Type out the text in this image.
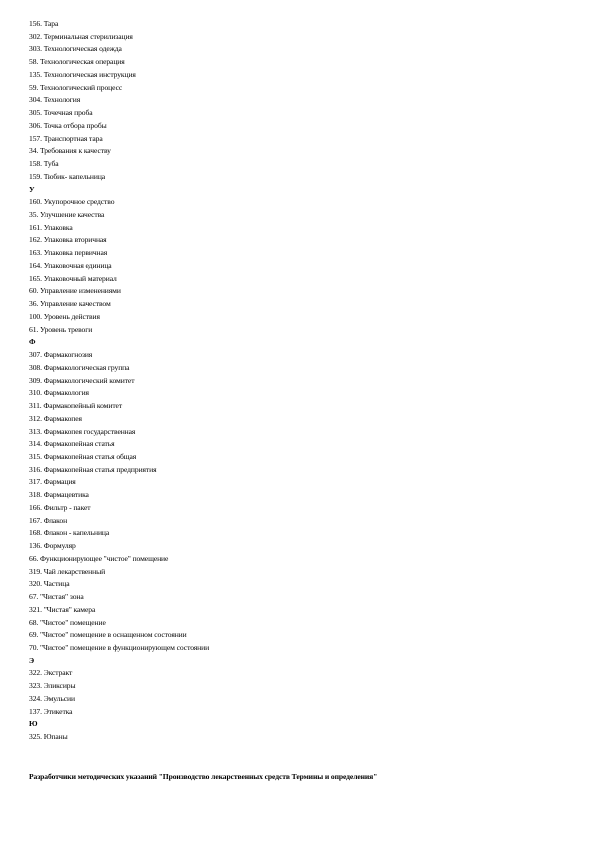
156. Тара
302. Терминальная стерилизация
303. Технологическая одежда
58. Технологическая операция
135. Технологическая инструкция
59. Технологический процесс
304. Технология
305. Точечная проба
306. Точка отбора пробы
157. Транспортная тара
34. Требования к качеству
158. Туба
159. Тюбик- капельница
У
160. Укупорочное средство
35. Улучшение качества
161. Упаковка
162. Упаковка вторичная
163. Упаковка первичная
164. Упаковочная единица
165. Упаковочный материал
60. Управление изменениями
36. Управление качеством
100. Уровень действия
61. Уровень тревоги
Ф
307. Фармакогнозия
308. Фармакологическая группа
309. Фармакологический комитет
310. Фармакология
311. Фармакопейный комитет
312. Фармакопея
313. Фармакопея государственная
314. Фармакопейная статья
315. Фармакопейная статья общая
316. Фармакопейная статья предприятия
317. Фармация
318. Фармацевтика
166. Фильтр - пакет
167. Флакон
168. Флакон - капельница
136. Формуляр
66. Функционирующее "чистое" помещение
319. Чай лекарственный
320. Частица
67. "Чистая" зона
321. "Чистая" камера
68. "Чистое" помещение
69. "Чистое" помещение в оснащенном состоянии
70. "Чистое" помещение в функционирующем состоянии
Э
322. Экстракт
323. Эликсиры
324. Эмульсии
137. Этикетка
Ю
325. Юпаны
Разработчики методических указаний "Производство лекарственных средств Термины и определения"
